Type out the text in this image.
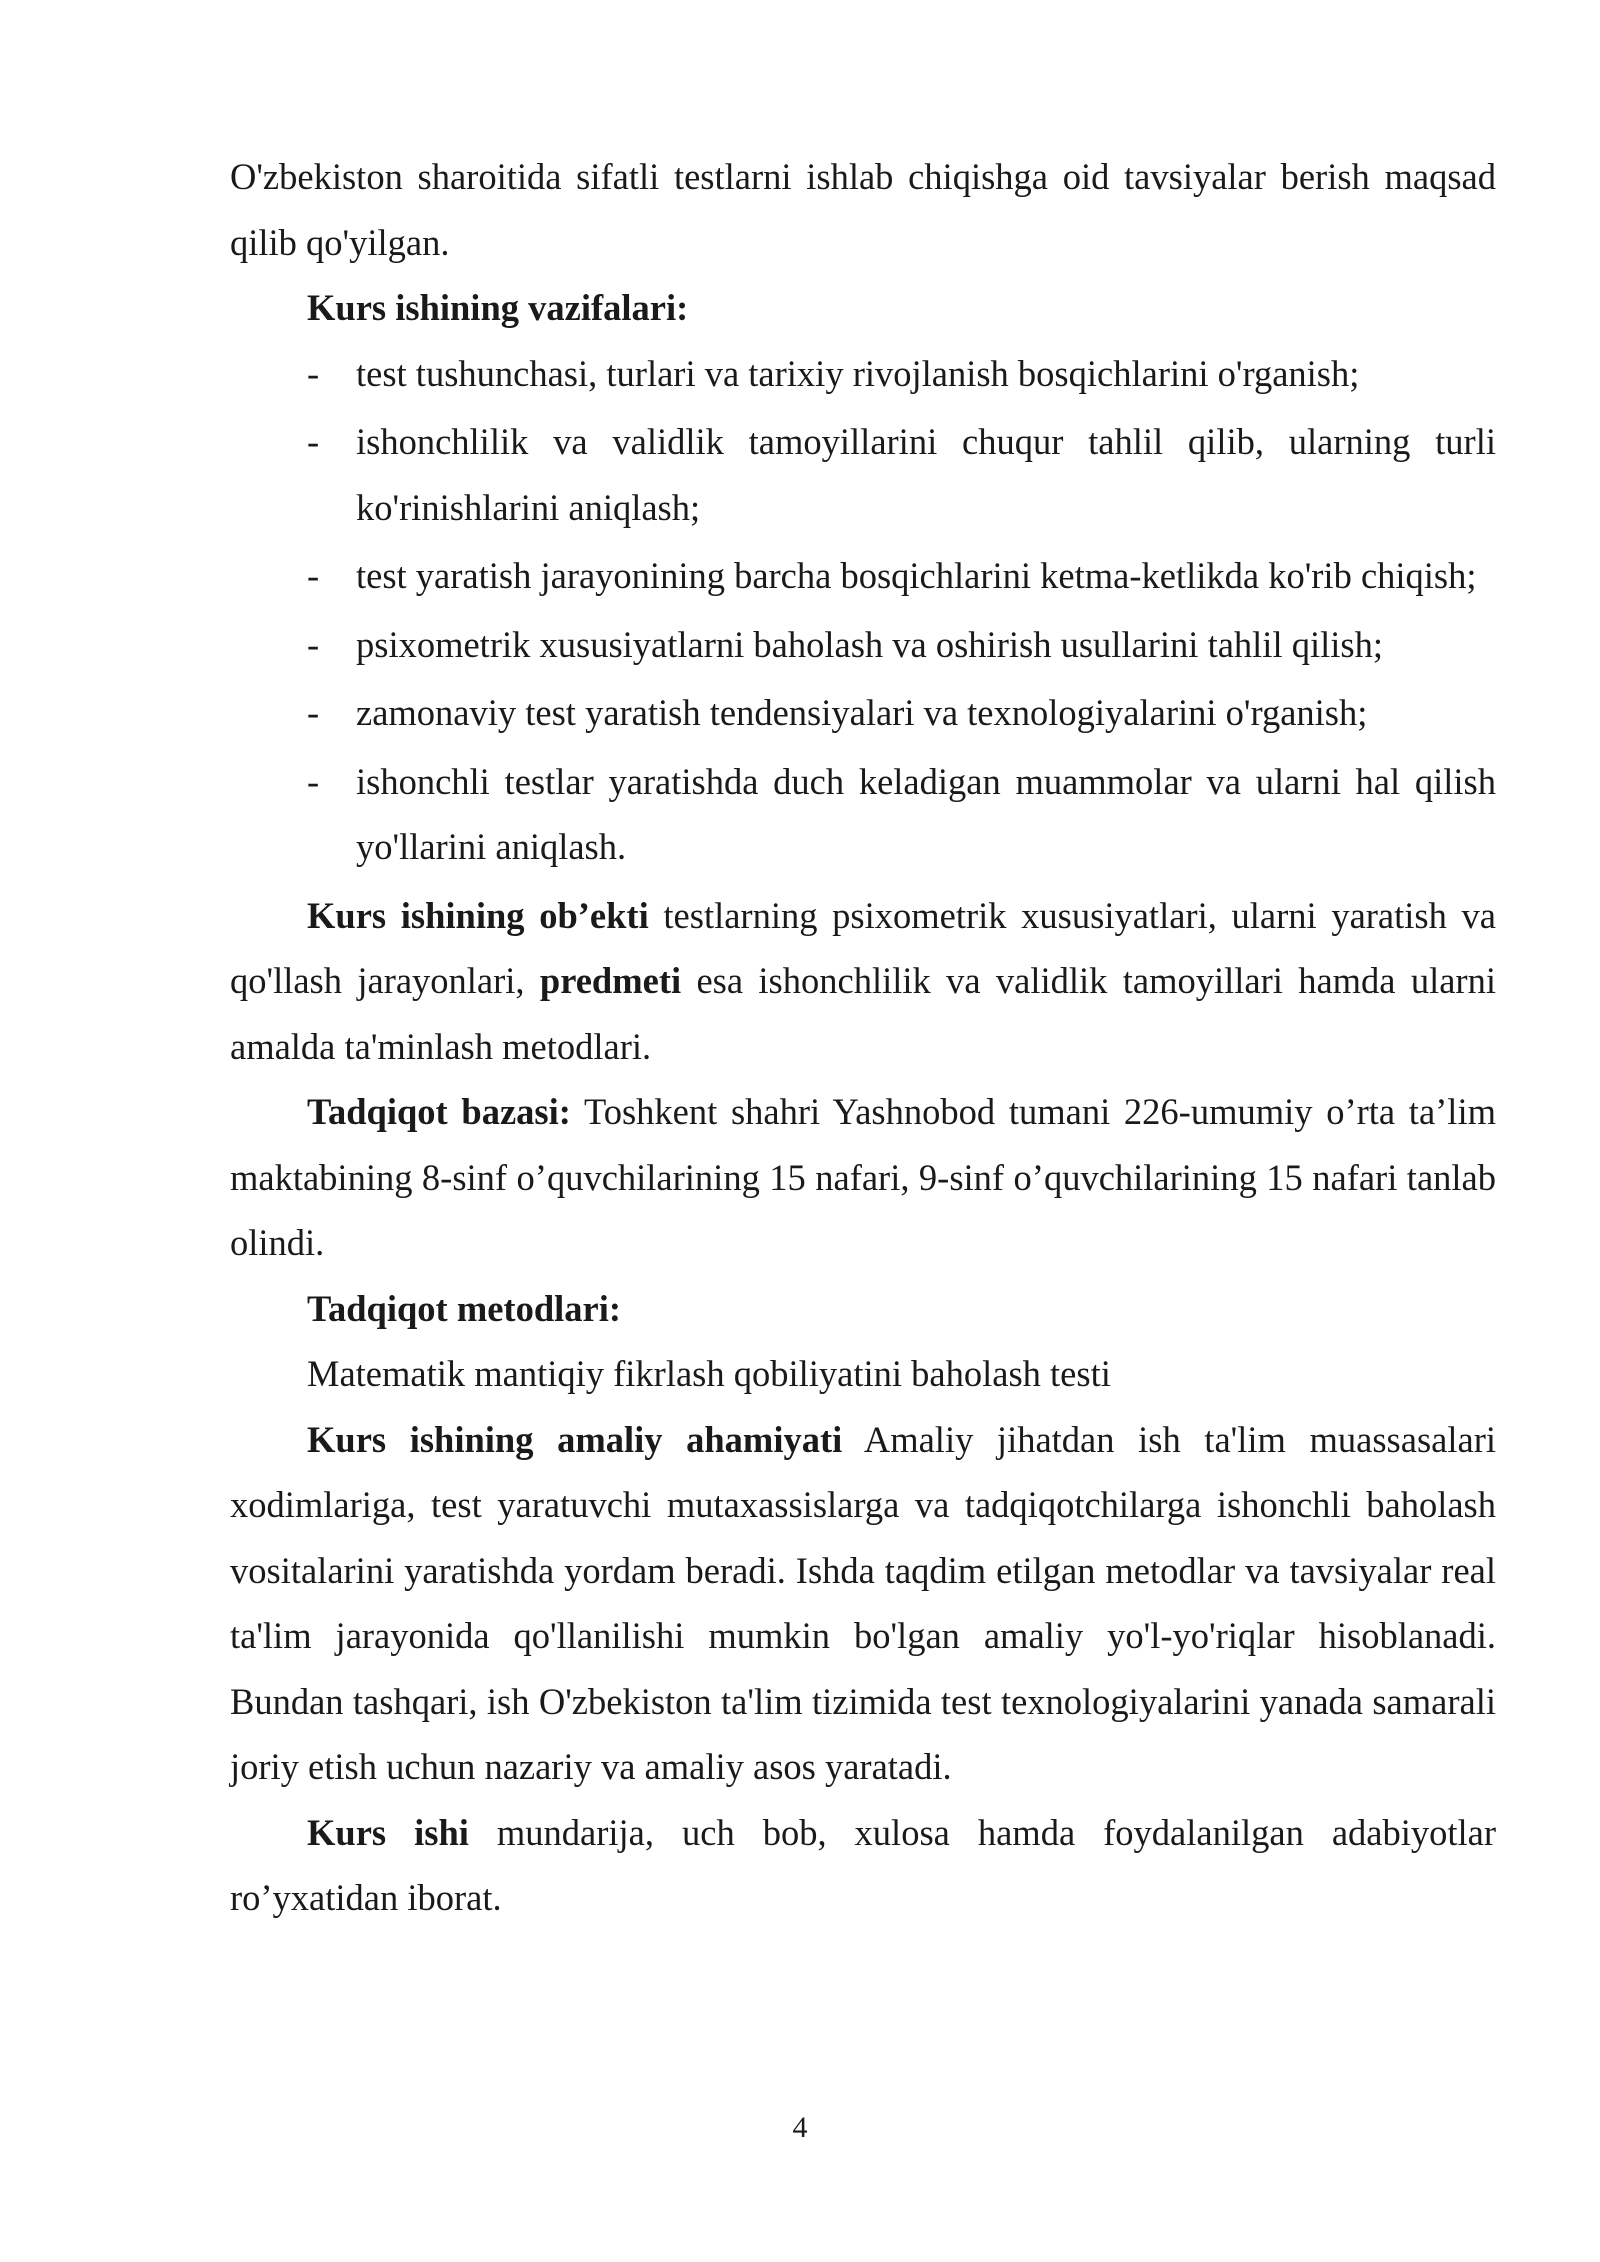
O'zbekiston sharoitida sifatli testlarni ishlab chiqishga oid tavsiyalar berish maqsad qilib qo'yilgan.

Kurs ishining vazifalari:

- test tushunchasi, turlari va tarixiy rivojlanish bosqichlarini o'rganish;
- ishonchlilik va validlik tamoyillarini chuqur tahlil qilib, ularning turli ko'rinishlarini aniqlash;
- test yaratish jarayonining barcha bosqichlarini ketma-ketlikda ko'rib chiqish;
- psixometrik xususiyatlarni baholash va oshirish usullarini tahlil qilish;
- zamonaviy test yaratish tendensiyalari va texnologiyalarini o'rganish;
- ishonchli testlar yaratishda duch keladigan muammolar va ularni hal qilish yo'llarini aniqlash.

Kurs ishining ob’ekti testlarning psixometrik xususiyatlari, ularni yaratish va qo'llash jarayonlari, predmeti esa ishonchlilik va validlik tamoyillari hamda ularni amalda ta'minlash metodlari.

Tadqiqot bazasi: Toshkent shahri Yashnobod tumani 226-umumiy o’rta ta’lim maktabining 8-sinf o’quvchilarining 15 nafari, 9-sinf o’quvchilarining 15 nafari tanlab olindi.

Tadqiqot metodlari:

Matematik mantiqiy fikrlash qobiliyatini baholash testi

Kurs ishining amaliy ahamiyati Amaliy jihatdan ish ta'lim muassasalari xodimlariga, test yaratuvchi mutaxassislarga va tadqiqotchilarga ishonchli baholash vositalarini yaratishda yordam beradi. Ishda taqdim etilgan metodlar va tavsiyalar real ta'lim jarayonida qo'llanilishi mumkin bo'lgan amaliy yo'l-yo'riqlar hisoblanadi. Bundan tashqari, ish O'zbekiston ta'lim tizimida test texnologiyalarini yanada samarali joriy etish uchun nazariy va amaliy asos yaratadi.

Kurs ishi mundarija, uch bob, xulosa hamda foydalanilgan adabiyotlar ro’yxatidan iborat.

4
